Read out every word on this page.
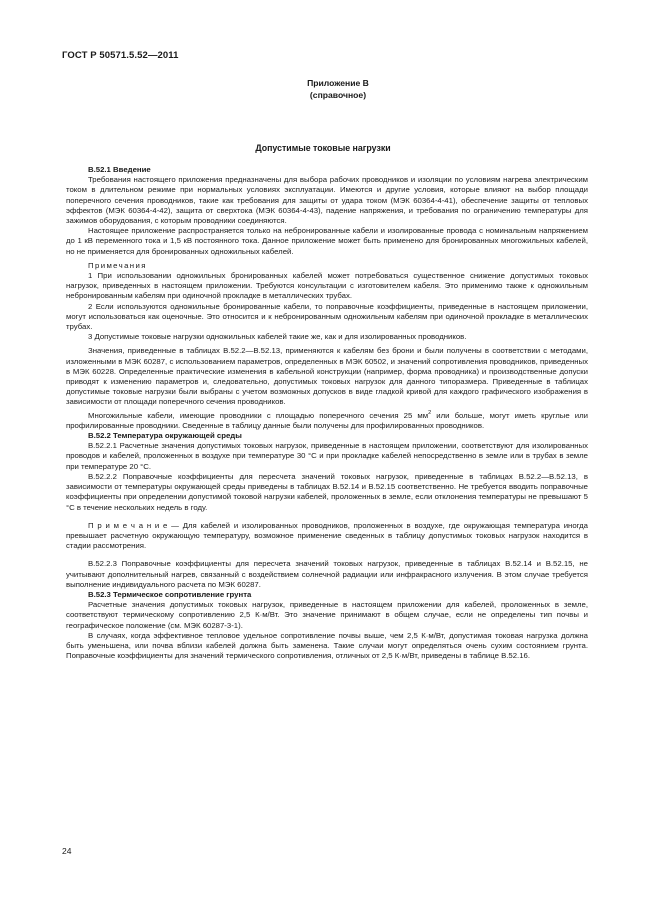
ГОСТ Р 50571.5.52—2011
Приложение В
(справочное)
Допустимые токовые нагрузки

В.52.1 Введение

Требования настоящего приложения предназначены для выбора рабочих проводников и изоляции по условиям нагрева электрическим током в длительном режиме при нормальных условиях эксплуатации. Имеются и другие условия, которые влияют на выбор площади поперечного сечения проводников, такие как требования для защиты от удара током (МЭК 60364-4-41), обеспечение защиты от тепловых эффектов (МЭК 60364-4-42), защита от сверхтока (МЭК 60364-4-43), падение напряжения, и требования по ограничению температуры для зажимов оборудования, с которым проводники соединяются.

Настоящее приложение распространяется только на небронированные кабели и изолированные провода с номинальным напряжением до 1 кВ переменного тока и 1,5 кВ постоянного тока. Данное приложение может быть применено для бронированных многожильных кабелей, но не применяется для бронированных одножильных кабелей.

Примечания

1 При использовании одножильных бронированных кабелей может потребоваться существенное снижение допустимых токовых нагрузок, приведенных в настоящем приложении. Требуются консультации с изготовителем кабеля. Это применимо также к одножильным небронированным кабелям при одиночной прокладке в металлических трубах.

2 Если используются одножильные бронированные кабели, то поправочные коэффициенты, приведенные в настоящем приложении, могут использоваться как оценочные. Это относится и к небронированным одножильным кабелям при одиночной прокладке в металлических трубах.

3 Допустимые токовые нагрузки одножильных кабелей такие же, как и для изолированных проводников.

Значения, приведенные в таблицах В.52.2—В.52.13, применяются к кабелям без брони и были получены в соответствии с методами, изложенными в МЭК 60287, с использованием параметров, определенных в МЭК 60502, и значений сопротивления проводников, приведенных в МЭК 60228. Определенные практические изменения в кабельной конструкции (например, форма проводника) и производственные допуски приводят к изменению параметров и, следовательно, допустимых токовых нагрузок для данного типоразмера. Приведенные в таблицах допустимые токовые нагрузки были выбраны с учетом возможных допусков в виде гладкой кривой для каждого графического изображения в зависимости от площади поперечного сечения проводников.

Многожильные кабели, имеющие проводники с площадью поперечного сечения 25 $мм^2$ или больше, могут иметь круглые или профилированные проводники. Сведенные в таблицу данные были получены для профилированных проводников.

В.52.2 Температура окружающей среды

В.52.2.1 Расчетные значения допустимых токовых нагрузок, приведенные в настоящем приложении, соответствуют для изолированных проводов и кабелей, проложенных в воздухе при температуре 30 °С и при прокладке кабелей непосредственно в земле или в трубах в земле при температуре 20 °С.

В.52.2.2 Поправочные коэффициенты для пересчета значений токовых нагрузок, приведенные в таблицах В.52.2—В.52.13, в зависимости от температуры окружающей среды приведены в таблицах В.52.14 и В.52.15 соответственно. Не требуется вводить поправочные коэффициенты при определении допустимой токовой нагрузки кабелей, проложенных в земле, если отклонения температуры не превышают 5 °С в течение нескольких недель в году.

П р и м е ч а н и е — Для кабелей и изолированных проводников, проложенных в воздухе, где окружающая температура иногда превышает расчетную окружающую температуру, возможное применение сведенных в таблицу допустимых токовых нагрузок находится в стадии рассмотрения.

В.52.2.3 Поправочные коэффициенты для пересчета значений токовых нагрузок, приведенные в таблицах В.52.14 и В.52.15, не учитывают дополнительный нагрев, связанный с воздействием солнечной радиации или инфракрасного излучения. В этом случае требуется выполнение индивидуального расчета по МЭК 60287.

В.52.3 Термическое сопротивление грунта

Расчетные значения допустимых токовых нагрузок, приведенные в настоящем приложении для кабелей, проложенных в земле, соответствуют термическому сопротивлению 2,5 К·м/Вт. Это значение принимают в общем случае, если не определены тип почвы и географическое положение (см. МЭК 60287-3-1).

В случаях, когда эффективное тепловое удельное сопротивление почвы выше, чем 2,5 К·м/Вт, допустимая токовая нагрузка должна быть уменьшена, или почва вблизи кабелей должна быть заменена. Такие случаи могут определяться очень сухим состоянием грунта. Поправочные коэффициенты для значений термического сопротивления, отличных от 2,5 К·м/Вт, приведены в таблице В.52.16.

24
